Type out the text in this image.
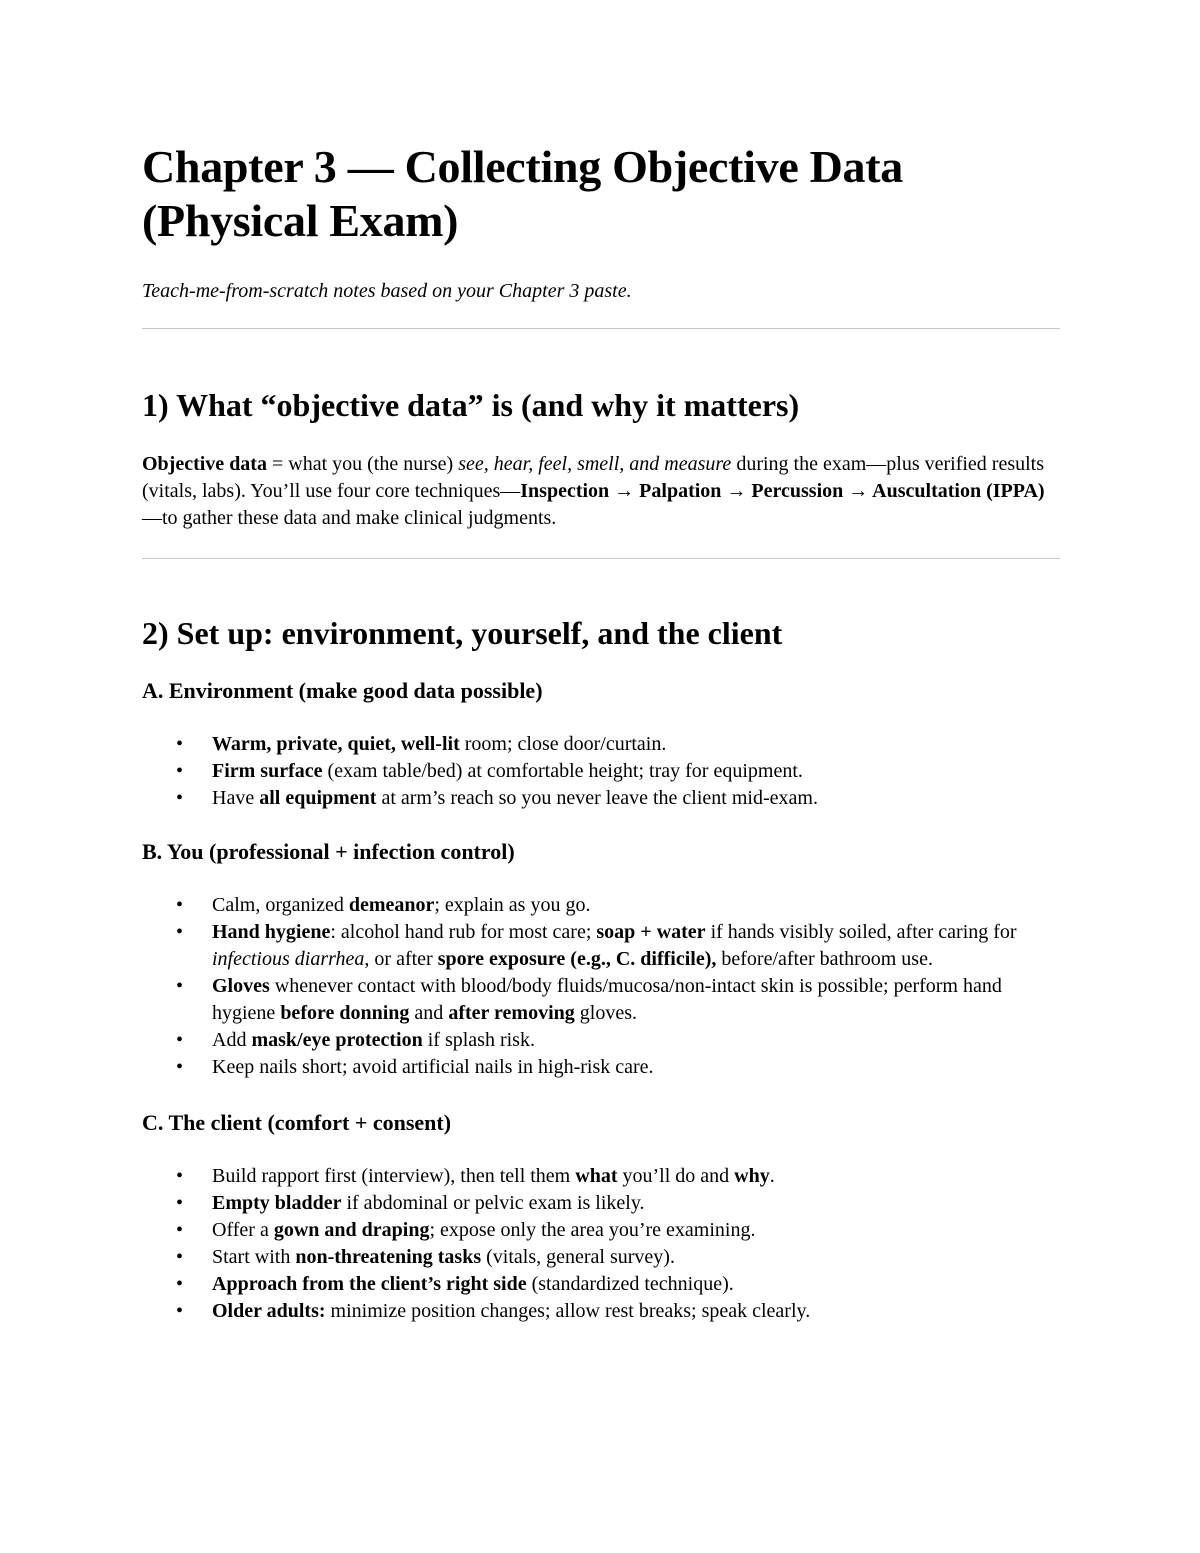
Chapter 3 — Collecting Objective Data (Physical Exam)

Teach-me-from-scratch notes based on your Chapter 3 paste.

1) What “objective data” is (and why it matters)

Objective data = what you (the nurse) see, hear, feel, smell, and measure during the exam—plus verified results (vitals, labs). You’ll use four core techniques—Inspection → Palpation → Percussion → Auscultation (IPPA)—to gather these data and make clinical judgments.

2) Set up: environment, yourself, and the client
A. Environment (make good data possible)
• Warm, private, quiet, well-lit room; close door/curtain.
• Firm surface (exam table/bed) at comfortable height; tray for equipment.
• Have all equipment at arm’s reach so you never leave the client mid-exam.
B. You (professional + infection control)
• Calm, organized demeanor; explain as you go.
• Hand hygiene: alcohol hand rub for most care; soap + water if hands visibly soiled, after caring for infectious diarrhea, or after spore exposure (e.g., C. difficile), before/after bathroom use.
• Gloves whenever contact with blood/body fluids/mucosa/non-intact skin is possible; perform hand hygiene before donning and after removing gloves.
• Add mask/eye protection if splash risk.
• Keep nails short; avoid artificial nails in high-risk care.
C. The client (comfort + consent)
• Build rapport first (interview), then tell them what you’ll do and why.
• Empty bladder if abdominal or pelvic exam is likely.
• Offer a gown and draping; expose only the area you’re examining.
• Start with non-threatening tasks (vitals, general survey).
• Approach from the client’s right side (standardized technique).
• Older adults: minimize position changes; allow rest breaks; speak clearly.
